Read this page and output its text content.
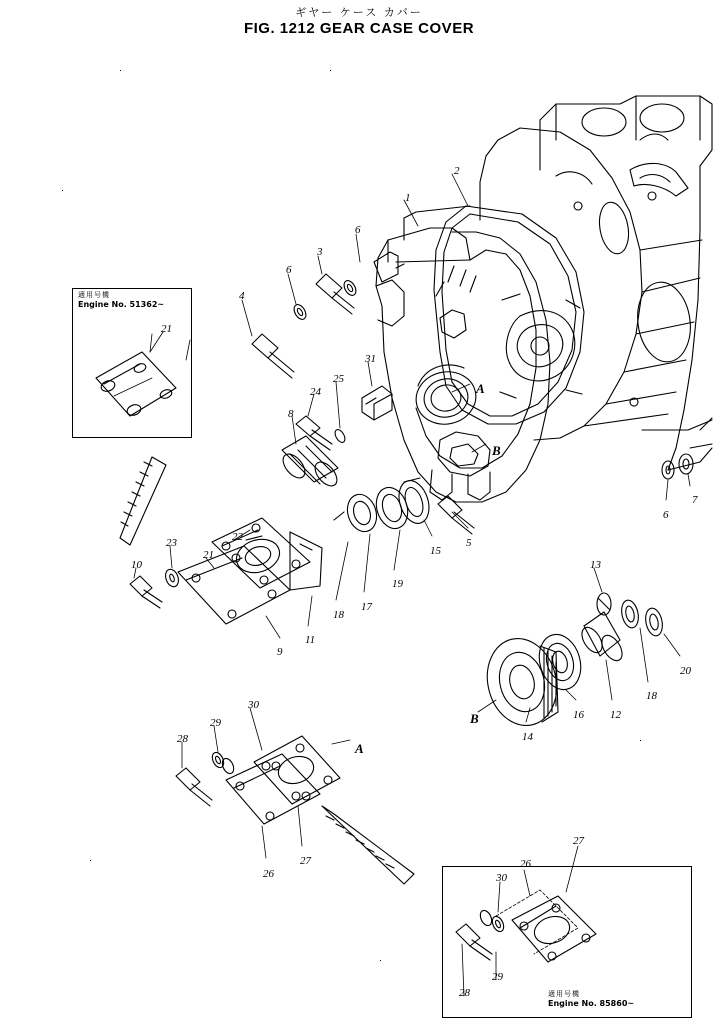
ギヤー ケース カバー
FIG. 1212 GEAR CASE COVER
適用号機
Engine No. 51362~
適用号機
Engine No. 85860~
2
1
6
3
6
4
31
25
24
8
5
6
7
21
22
21
23
10
9
11
18
17
19
15
13
20
18
12
16
14
30
29
28
27
26
27
26
30
29
28
A
B
A
B
